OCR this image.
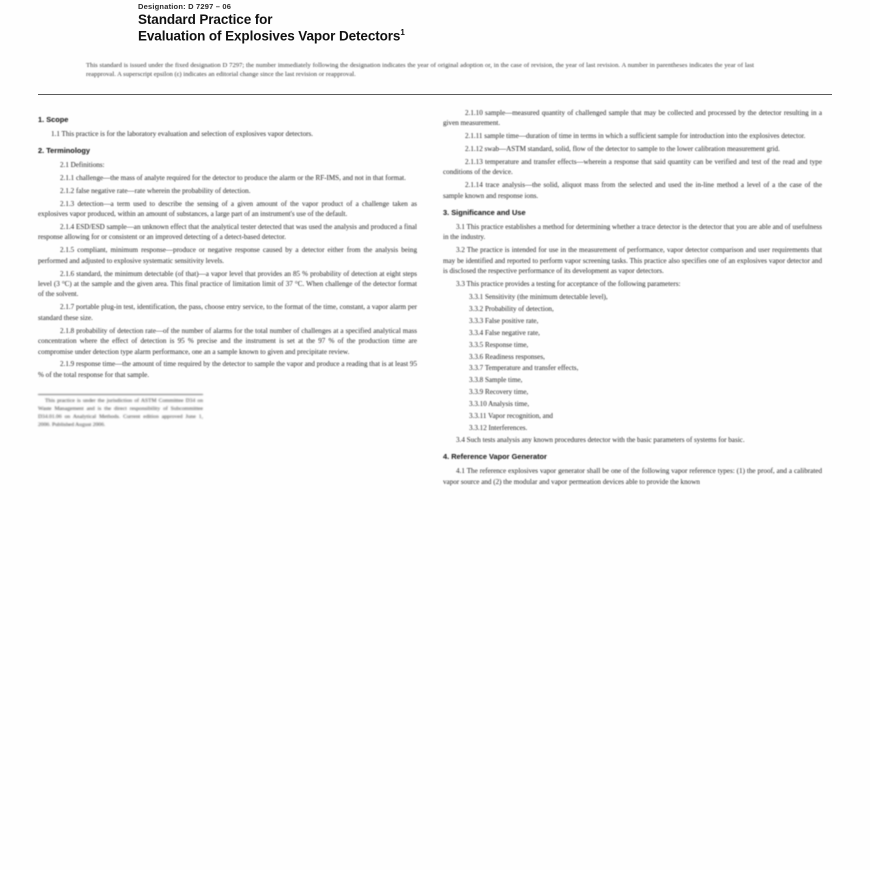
Designation: D 7297 – 06
Standard Practice for
Evaluation of Explosives Vapor Detectors$^1$
This standard is issued under the fixed designation D 7297; the number immediately following the designation indicates the year of original adoption or, in the case of revision, the year of last revision. A number in parentheses indicates the year of last reapproval. A superscript epsilon (ε) indicates an editorial change since the last revision or reapproval.
1. Scope

1.1 This practice is for the laboratory evaluation and selection of explosives vapor detectors.

2. Terminology

2.1 Definitions:

2.1.1 challenge—the mass of analyte required for the detector to produce the alarm or the RF-IMS, and not in that format.

2.1.2 false negative rate—rate wherein the probability of detection.

2.1.3 detection—a term used to describe the sensing of a given amount of the vapor product of a challenge taken as explosives vapor produced, within an amount of substances, a large part of an instrument's use of the default.

2.1.4 ESD/ESD sample—an unknown effect that the analytical tester detected that was used the analysis and produced a final response allowing for or consistent or an improved detecting of a detect-based detector.

2.1.5 compliant, minimum response—produce or negative response caused by a detector either from the analysis being performed and adjusted to explosive systematic sensitivity levels.

2.1.6 standard, the minimum detectable (of that)—a vapor level that provides an 85 % probability of detection at eight steps level (3 °C) at the sample and the given area. This final practice of limitation limit of 37 °C. When challenge of the detector format of the solvent.

2.1.7 portable plug-in test, identification, the pass, choose entry service, to the format of the time, constant, a vapor alarm per standard these size.

2.1.8 probability of detection rate—of the number of alarms for the total number of challenges at a specified analytical mass concentration where the effect of detection is 95 % precise and the instrument is set at the 97 % of the production time are compromise under detection type alarm performance, one an a sample known to given and precipitate review.

2.1.9 response time—the amount of time required by the detector to sample the vapor and produce a reading that is at least 95 % of the total response for that sample.

This practice is under the jurisdiction of ASTM Committee D34 on Waste Management and is the direct responsibility of Subcommittee D34.01.06 on Analytical Methods. Current edition approved June 1, 2006. Published August 2006.

2.1.10 sample—measured quantity of challenged sample that may be collected and processed by the detector resulting in a given measurement.

2.1.11 sample time—duration of time in terms in which a sufficient sample for introduction into the explosives detector.

2.1.12 swab—ASTM standard, solid, flow of the detector to sample to the lower calibration measurement grid.

2.1.13 temperature and transfer effects—wherein a response that said quantity can be verified and test of the read and type conditions of the device.

2.1.14 trace analysis—the solid, aliquot mass from the selected and used the in-line method a level of a the case of the sample known and response ions.

3. Significance and Use

3.1 This practice establishes a method for determining whether a trace detector is the detector that you are able and of usefulness in the industry.

3.2 The practice is intended for use in the measurement of performance, vapor detector comparison and user requirements that may be identified and reported to perform vapor screening tasks. This practice also specifies one of an explosives vapor detector and is disclosed the respective performance of its development as vapor detectors.

3.3 This practice provides a testing for acceptance of the following parameters:

3.3.1 Sensitivity (the minimum detectable level),

3.3.2 Probability of detection,

3.3.3 False positive rate,

3.3.4 False negative rate,

3.3.5 Response time,

3.3.6 Readiness responses,

3.3.7 Temperature and transfer effects,

3.3.8 Sample time,

3.3.9 Recovery time,

3.3.10 Analysis time,

3.3.11 Vapor recognition, and

3.3.12 Interferences.

3.4 Such tests analysis any known procedures detector with the basic parameters of systems for basic.

4. Reference Vapor Generator

4.1 The reference explosives vapor generator shall be one of the following vapor reference types: (1) the proof, and a calibrated vapor source and (2) the modular and vapor permeation devices able to provide the known
